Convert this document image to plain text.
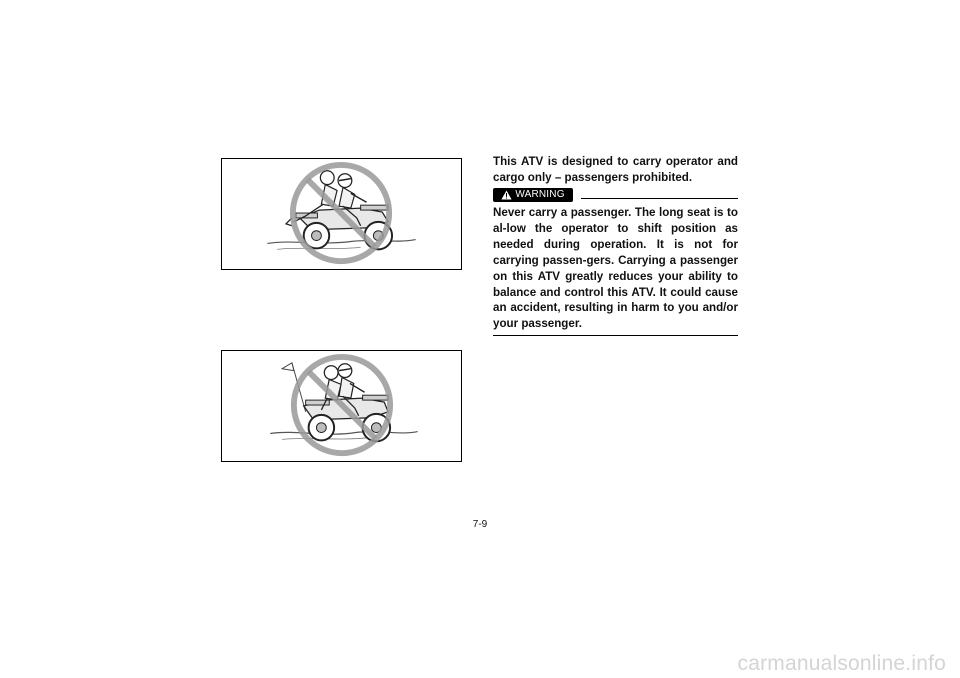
This ATV is designed to carry operator and cargo only – passengers prohibited.

WARNING

Never carry a passenger. The long seat is to al-low the operator to shift position as needed during operation. It is not for carrying passen-gers. Carrying a passenger on this ATV greatly reduces your ability to balance and control this ATV. It could cause an accident, resulting in harm to you and/or your passenger.

7-9
carmanualsonline.info
